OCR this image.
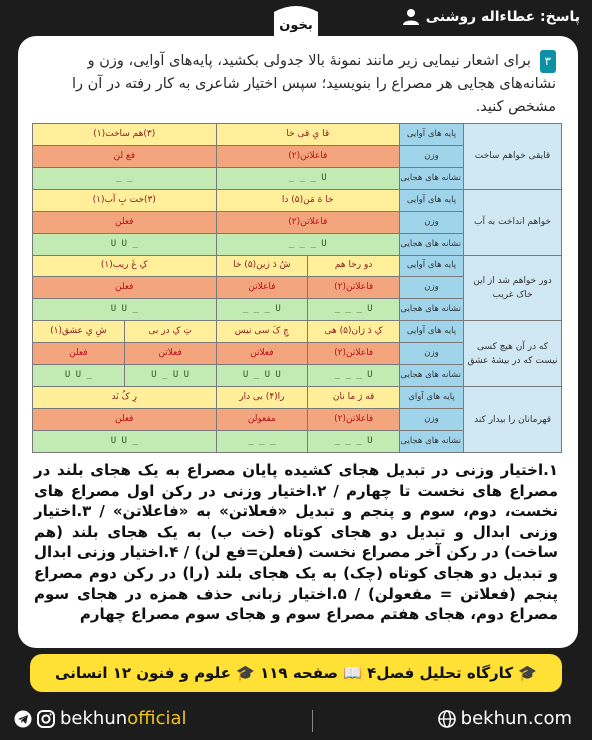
پاسخ: عطاءاله روشنی
بخون
۳ برای اشعار نیمایی زیر مانند نمونهٔ بالا جدولی بکشید، پایه‌های آوایی، وزن و نشانه‌های هجایی هر مصراع را بنویسید؛ سپس اختیار شاعری به کار رفته در آن را مشخص کنید.
قایقی خواهم ساخت	پایه های آوایی	قا یِ قی خا		(۳)هم ساخت(۱)	
	وزن	فاعلاتن(۲)		فع لن	
	نشانه های هجایی	U _ _ _		_ _	
خواهم انداخت به آب	پایه های آوایی	خا هَ مَن(۵) دا		(۳)خت بِ آب(۱)	
	وزن	فاعلاتن(۲)		فعلن	
	نشانه های هجایی	U _ _ _		_ U U	
دور خواهم شد از این خاک غریب	پایه های آوایی	دو رخا هم	شُ دَ زین(۵) خا	کِ غَ ریب(۱)	
	وزن	فاعلاتن(۲)	فاعلاتن	فعلن	
	نشانه های هجایی	U _ _ _	U _ _ _	_ U U	
که در آن هیچ کسی نیست که در بیشهٔ عشق	پایه های آوایی	کِ دَ رَان(۵) هی	چِ کَ سی نیس	تِ کِ در بی	شِ یِ عشق(۱)
	وزن	فاعلاتن(۲)	فعلاتن	فعلاتن	فعلن
	نشانه های هجایی	U _ _ _	U _ U U	U _ U U	_ U U
قهرمانان را بیدار کند	پایه های آوای	قه رَ ما نان	را(۴) بی دار	رِ کُ نَد	
	وزن	فاعلاتن(۲)	مفعولن	فعلن	
	نشانه های هجایی	U _ _ _	_ _ _	_ U U	
۱.اختیار وزنی در تبدیل هجای کشیده پایان مصراع به یک هجای بلند در مصراع های نخست تا چهارم / ۲.اختیار وزنی در رکن اول مصراع های نخست، دوم، سوم و پنجم و تبدیل «فعلاتن» به «فاعلاتن» / ۳.اختیار وزنی ابدال و تبدیل دو هجای کوتاه (خت ب) به یک هجای بلند (هم ساخت) در رکن آخر مصراع نخست (فعلن=فع لن) / ۴.اختیار وزنی ابدال و تبدیل دو هجای کوتاه (چک) به یک هجای بلند (را) در رکن دوم مصراع پنجم (فعلاتن = مفعولن) / ۵.اختیار زبانی حذف همزه در هجای سوم مصراع دوم، هجای هفتم مصراع سوم و هجای سوم مصراع چهارم
🎓 کارگاه تحلیل فصل۴ 📖 صفحه ۱۱۹ 🎓 علوم و فنون ۱۲ انسانی
bekhunofficial	bekhun.com
